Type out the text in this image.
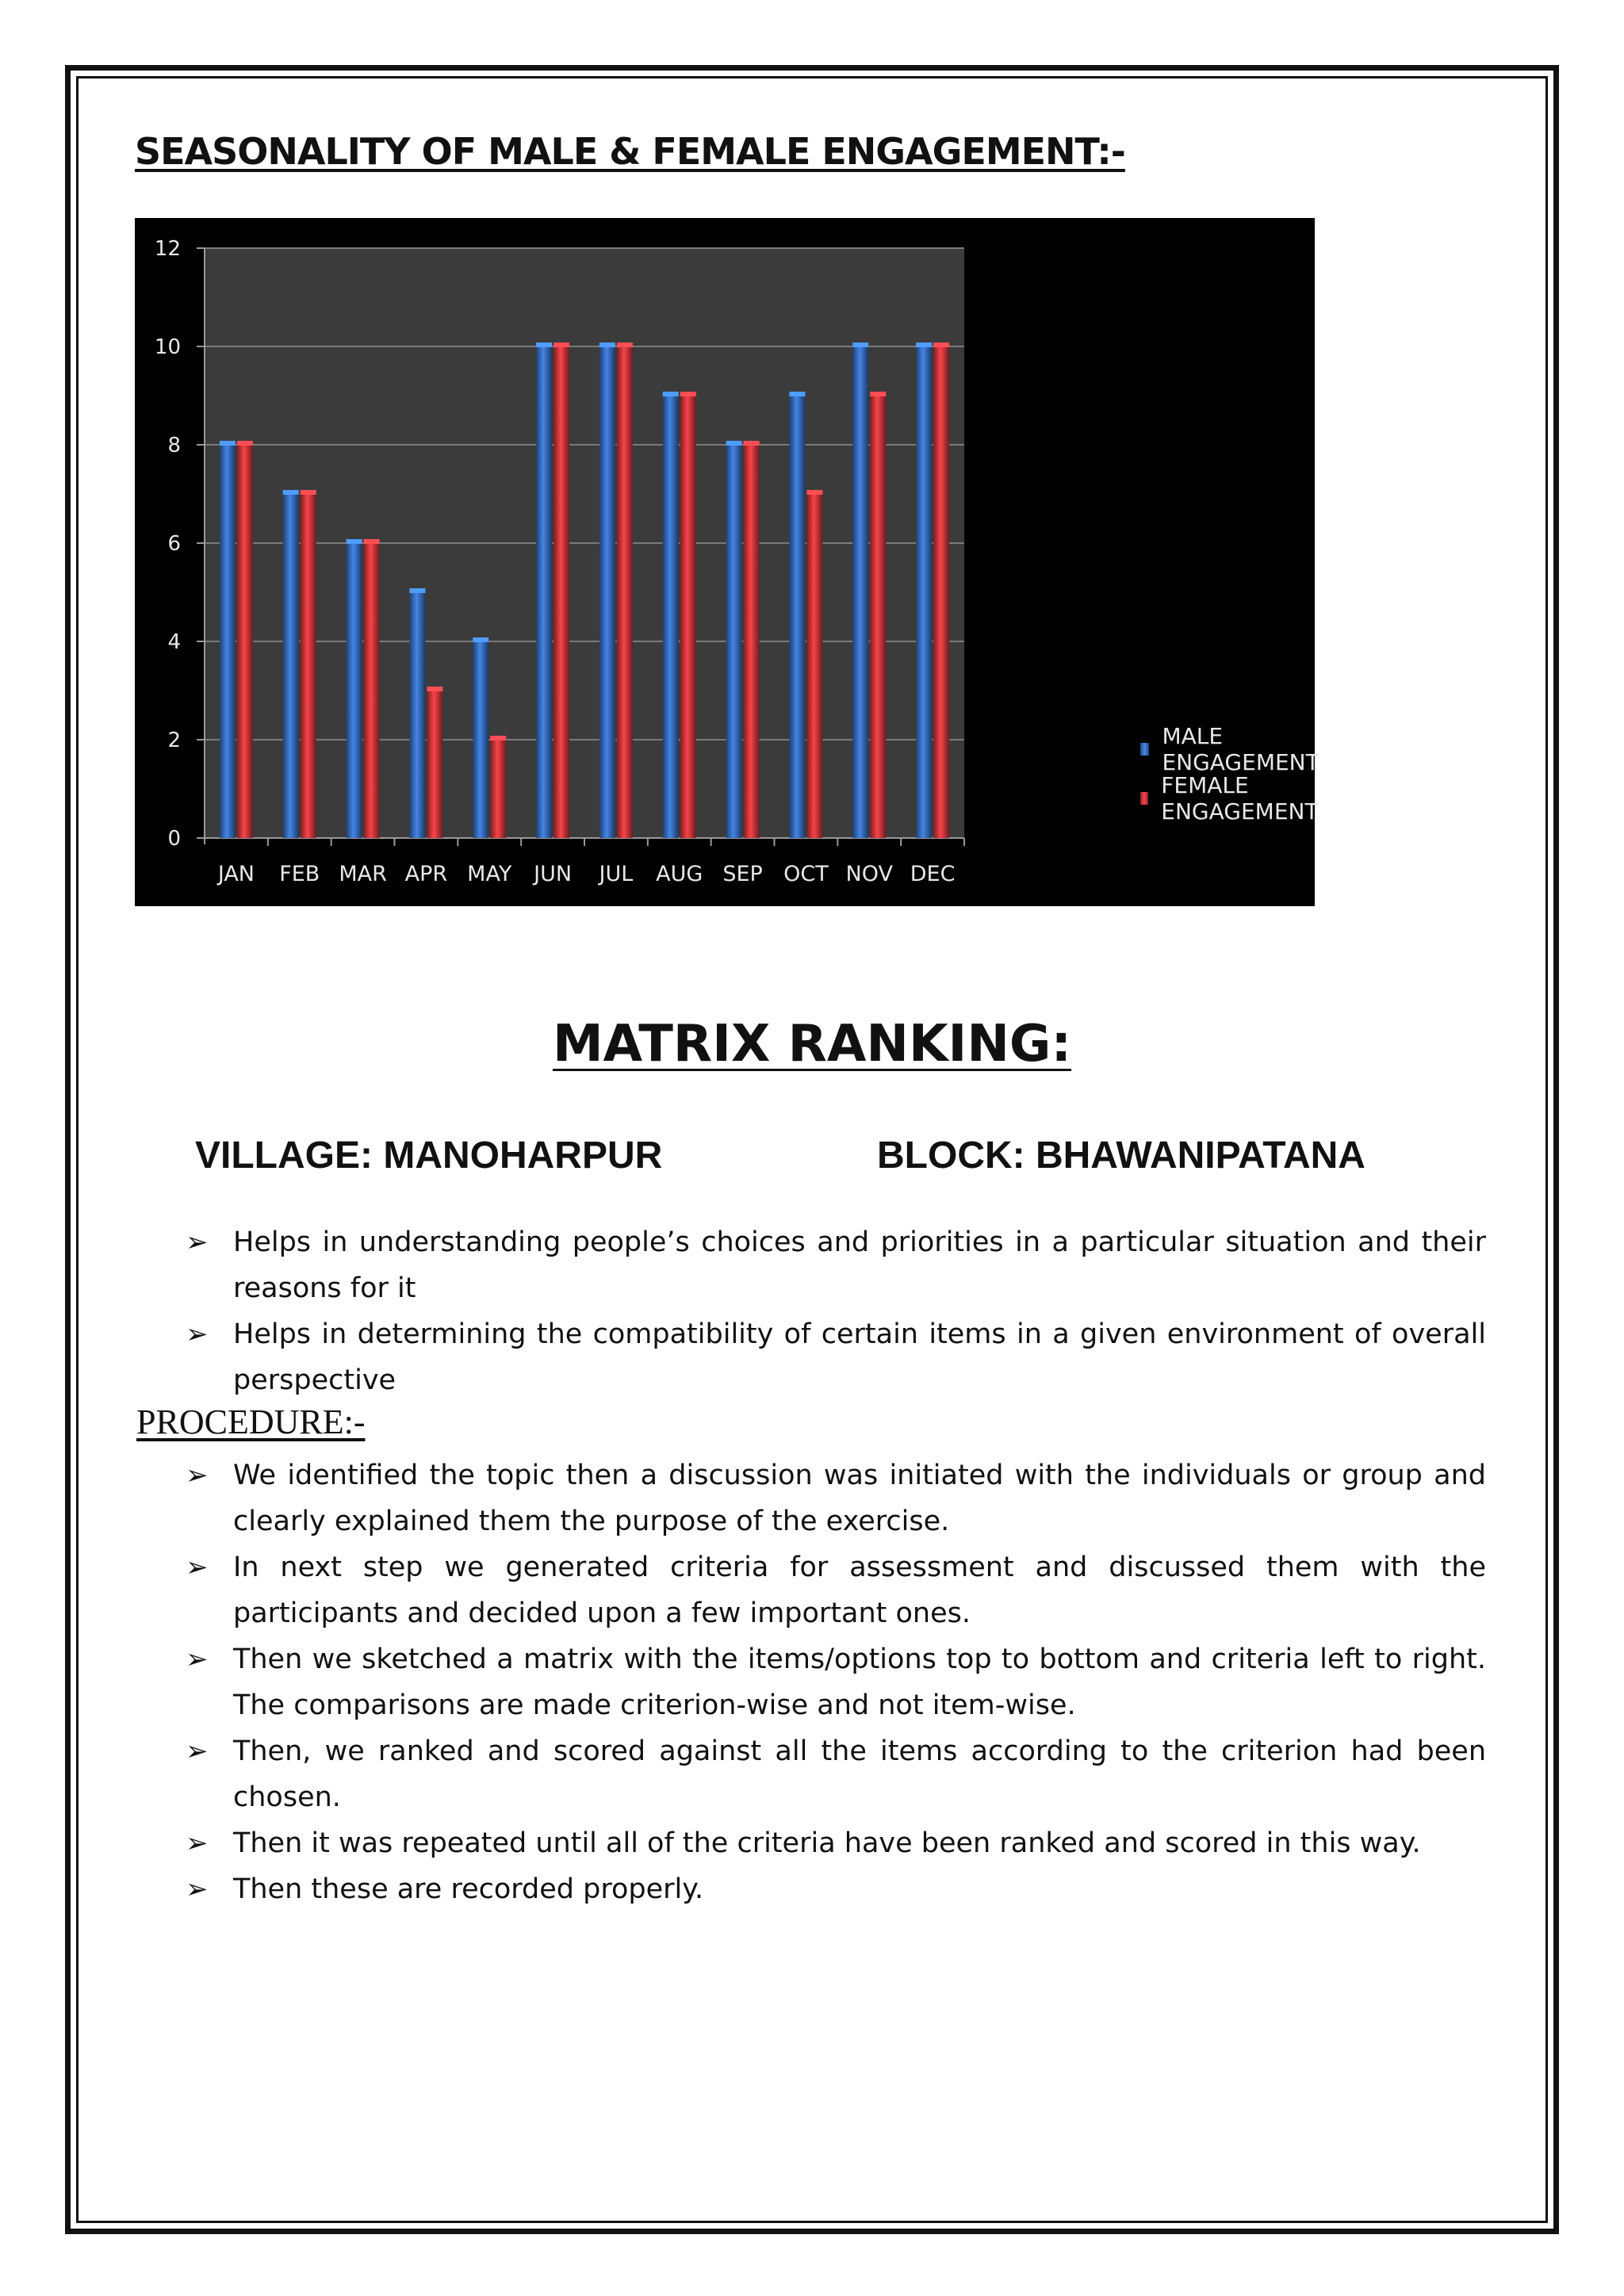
SEASONALITY OF MALE & FEMALE ENGAGEMENT:-
0
2
4
6
8
10
12
JAN FEB MAR APR MAY JUN JUL AUG SEP OCT NOV DEC
MALE ENGAGEMENT
FEMALE ENGAGEMENT
MATRIX RANKING:
VILLAGE: MANOHARPUR	BLOCK: BHAWANIPATANA
➢ Helps in understanding people’s choices and priorities in a particular situation and their reasons for it
➢ Helps in determining the compatibility of certain items in a given environment of overall perspective
PROCEDURE:-
➢ We identified the topic then a discussion was initiated with the individuals or group and clearly explained them the purpose of the exercise.
➢ In next step we generated criteria for assessment and discussed them with the participants and decided upon a few important ones.
➢ Then we sketched a matrix with the items/options top to bottom and criteria left to right. The comparisons are made criterion-wise and not item-wise.
➢ Then, we ranked and scored against all the items according to the criterion had been chosen.
➢ Then it was repeated until all of the criteria have been ranked and scored in this way.
➢ Then these are recorded properly.
